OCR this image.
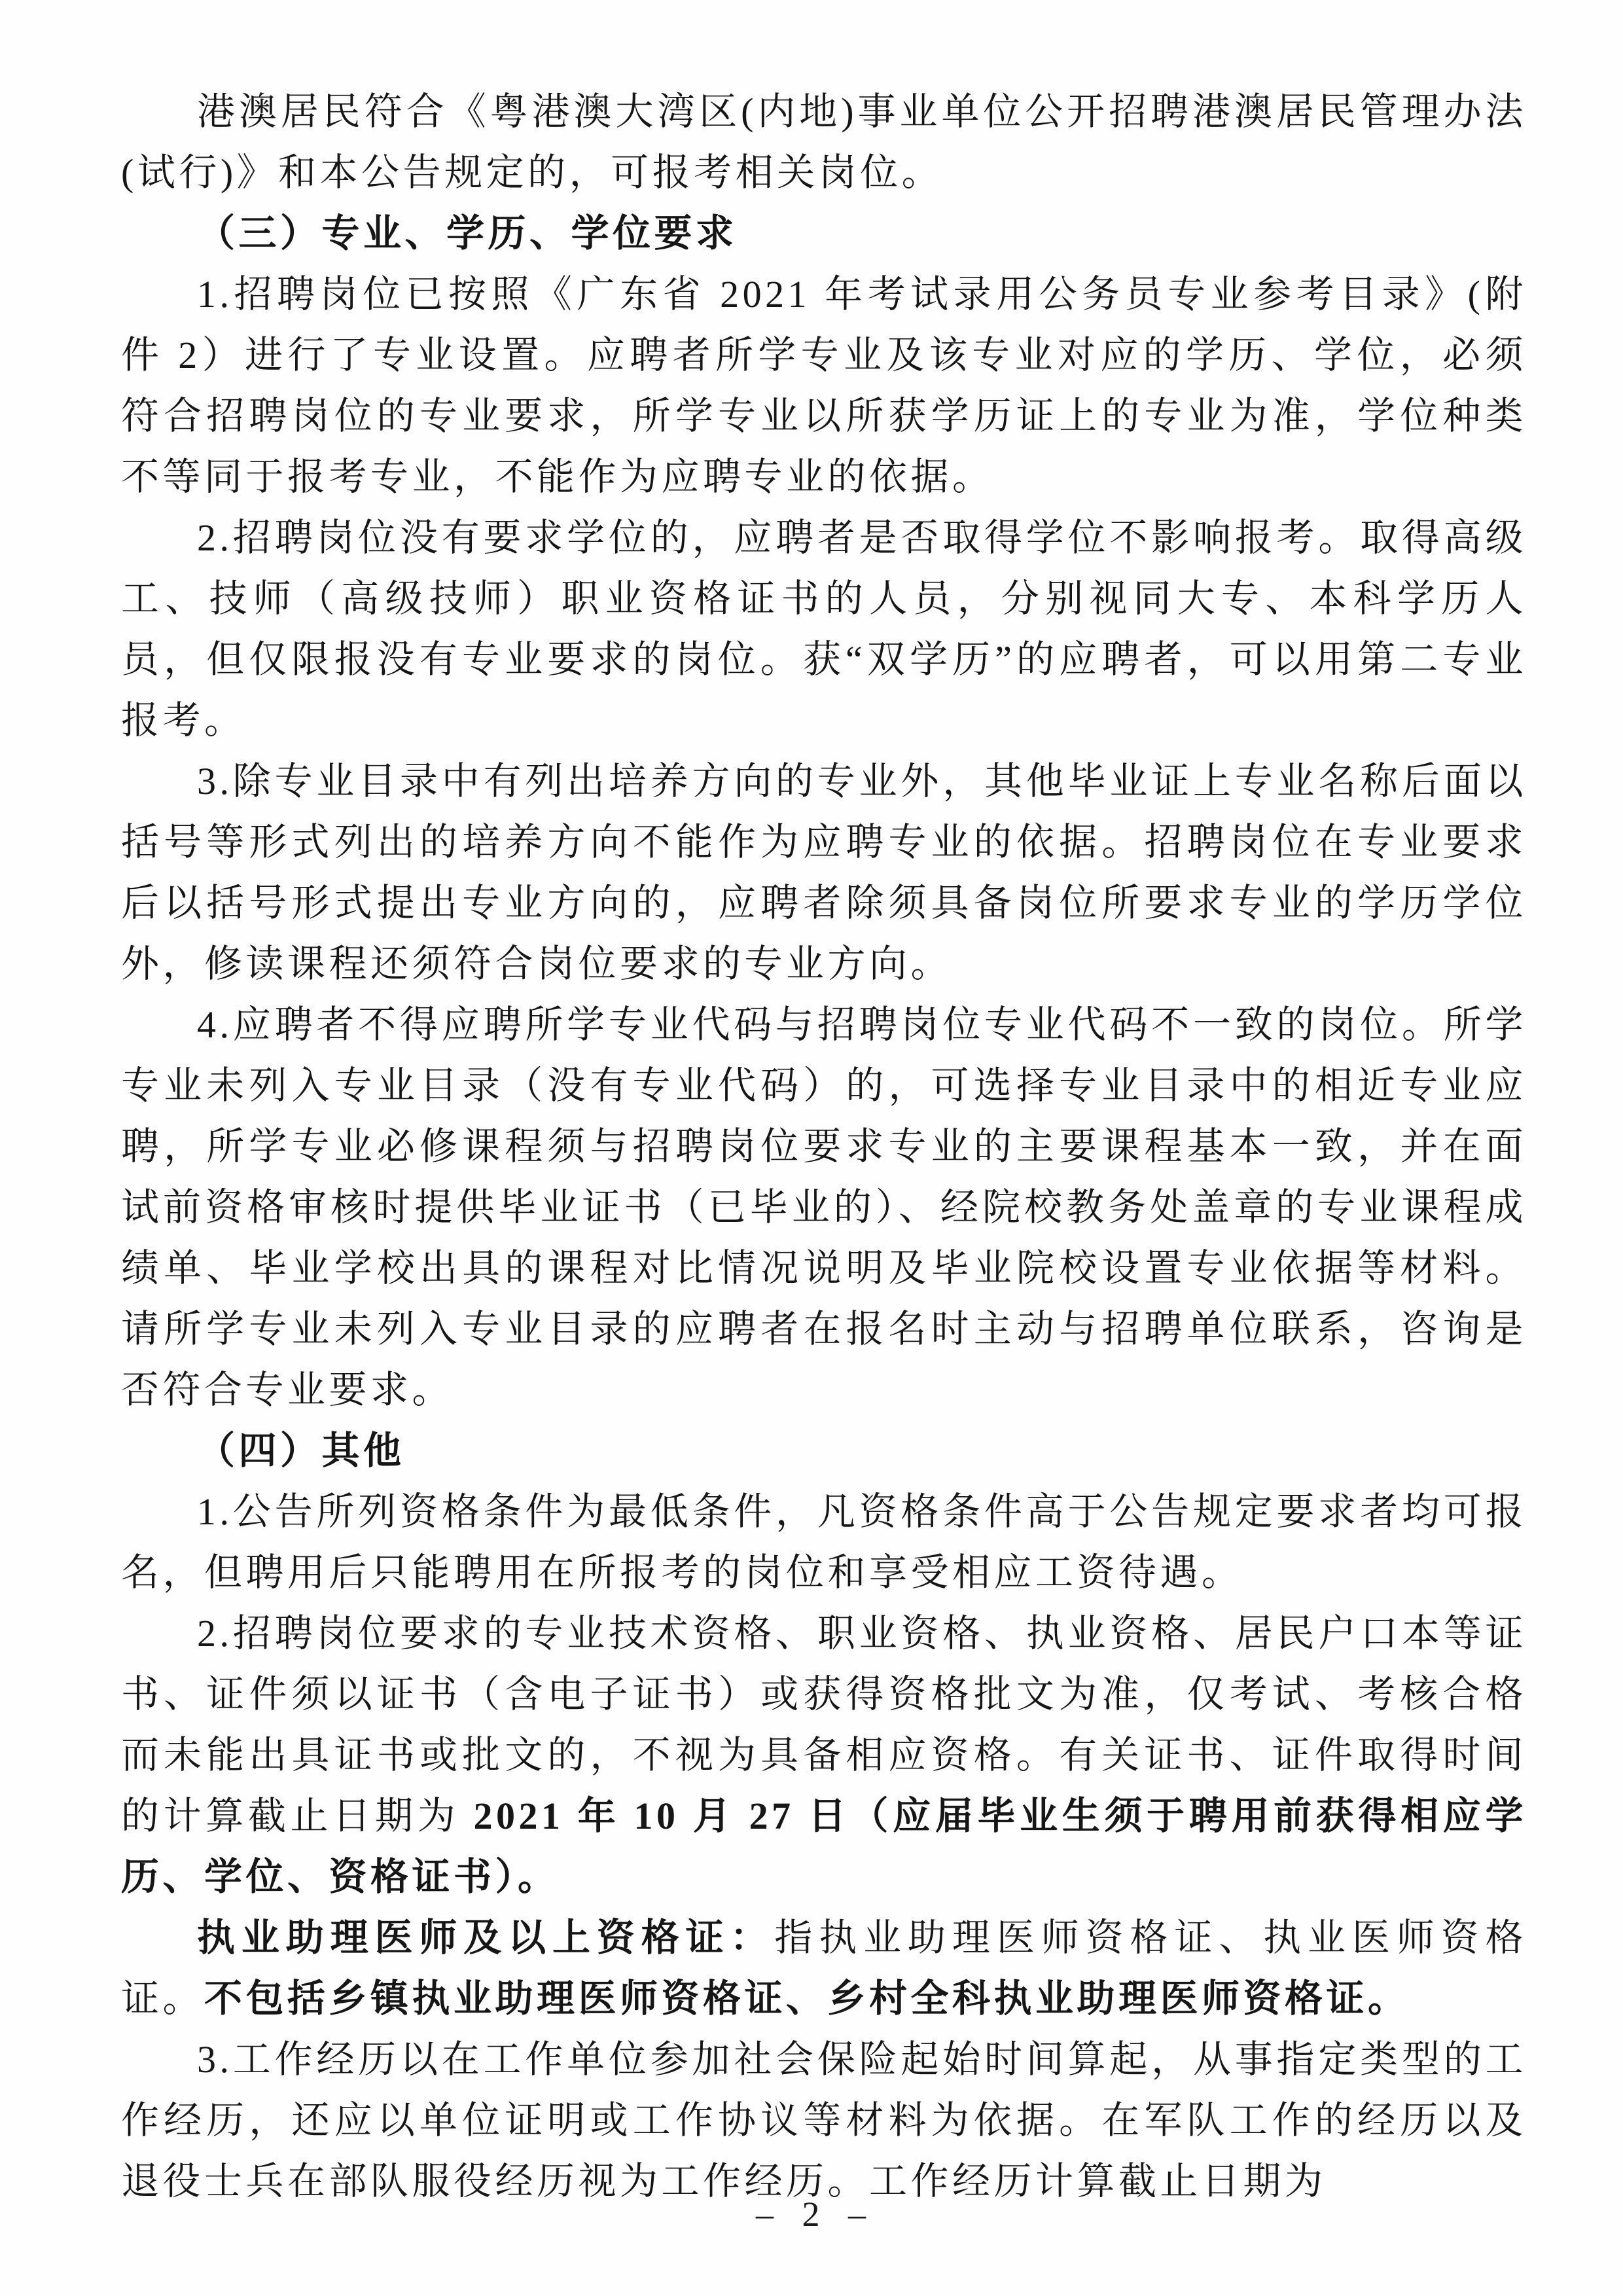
港澳居民符合《粤港澳大湾区(内地)事业单位公开招聘港澳居民管理办法(试行)》和本公告规定的，可报考相关岗位。

（三）专业、学历、学位要求

1.招聘岗位已按照《广东省 2021 年考试录用公务员专业参考目录》(附件 2）进行了专业设置。应聘者所学专业及该专业对应的学历、学位，必须符合招聘岗位的专业要求，所学专业以所获学历证上的专业为准，学位种类不等同于报考专业，不能作为应聘专业的依据。

2.招聘岗位没有要求学位的，应聘者是否取得学位不影响报考。取得高级工、技师（高级技师）职业资格证书的人员，分别视同大专、本科学历人员，但仅限报没有专业要求的岗位。获“双学历”的应聘者，可以用第二专业报考。

3.除专业目录中有列出培养方向的专业外，其他毕业证上专业名称后面以括号等形式列出的培养方向不能作为应聘专业的依据。招聘岗位在专业要求后以括号形式提出专业方向的，应聘者除须具备岗位所要求专业的学历学位外，修读课程还须符合岗位要求的专业方向。

4.应聘者不得应聘所学专业代码与招聘岗位专业代码不一致的岗位。所学专业未列入专业目录（没有专业代码）的，可选择专业目录中的相近专业应聘，所学专业必修课程须与招聘岗位要求专业的主要课程基本一致，并在面试前资格审核时提供毕业证书（已毕业的）、经院校教务处盖章的专业课程成绩单、毕业学校出具的课程对比情况说明及毕业院校设置专业依据等材料。请所学专业未列入专业目录的应聘者在报名时主动与招聘单位联系，咨询是否符合专业要求。

（四）其他

1.公告所列资格条件为最低条件，凡资格条件高于公告规定要求者均可报名，但聘用后只能聘用在所报考的岗位和享受相应工资待遇。

2.招聘岗位要求的专业技术资格、职业资格、执业资格、居民户口本等证书、证件须以证书（含电子证书）或获得资格批文为准，仅考试、考核合格而未能出具证书或批文的，不视为具备相应资格。有关证书、证件取得时间的计算截止日期为 2021 年 10 月 27 日（应届毕业生须于聘用前获得相应学历、学位、资格证书）。

执业助理医师及以上资格证：指执业助理医师资格证、执业医师资格证。不包括乡镇执业助理医师资格证、乡村全科执业助理医师资格证。

3.工作经历以在工作单位参加社会保险起始时间算起，从事指定类型的工作经历，还应以单位证明或工作协议等材料为依据。在军队工作的经历以及退役士兵在部队服役经历视为工作经历。工作经历计算截止日期为

– 2 –
